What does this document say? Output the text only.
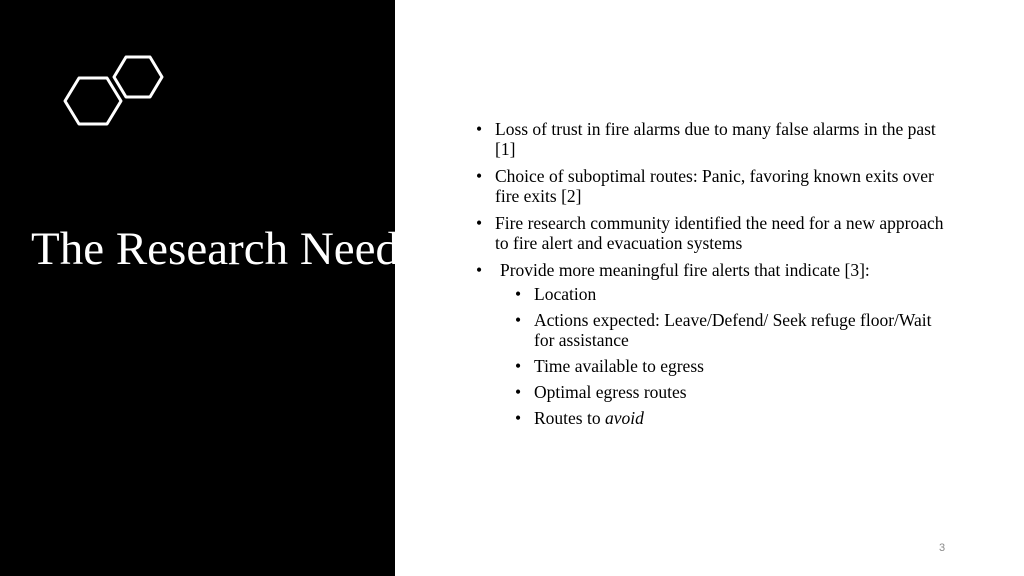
The Research Need
• Loss of trust in fire alarms due to many false alarms in the past [1]
• Choice of suboptimal routes: Panic, favoring known exits over fire exits [2]
• Fire research community identified the need for a new approach to fire alert and evacuation systems
• Provide more meaningful fire alerts that indicate [3]:
• Location
• Actions expected: Leave/Defend/ Seek refuge floor/Wait for assistance
• Time available to egress
• Optimal egress routes
• Routes to avoid
3
